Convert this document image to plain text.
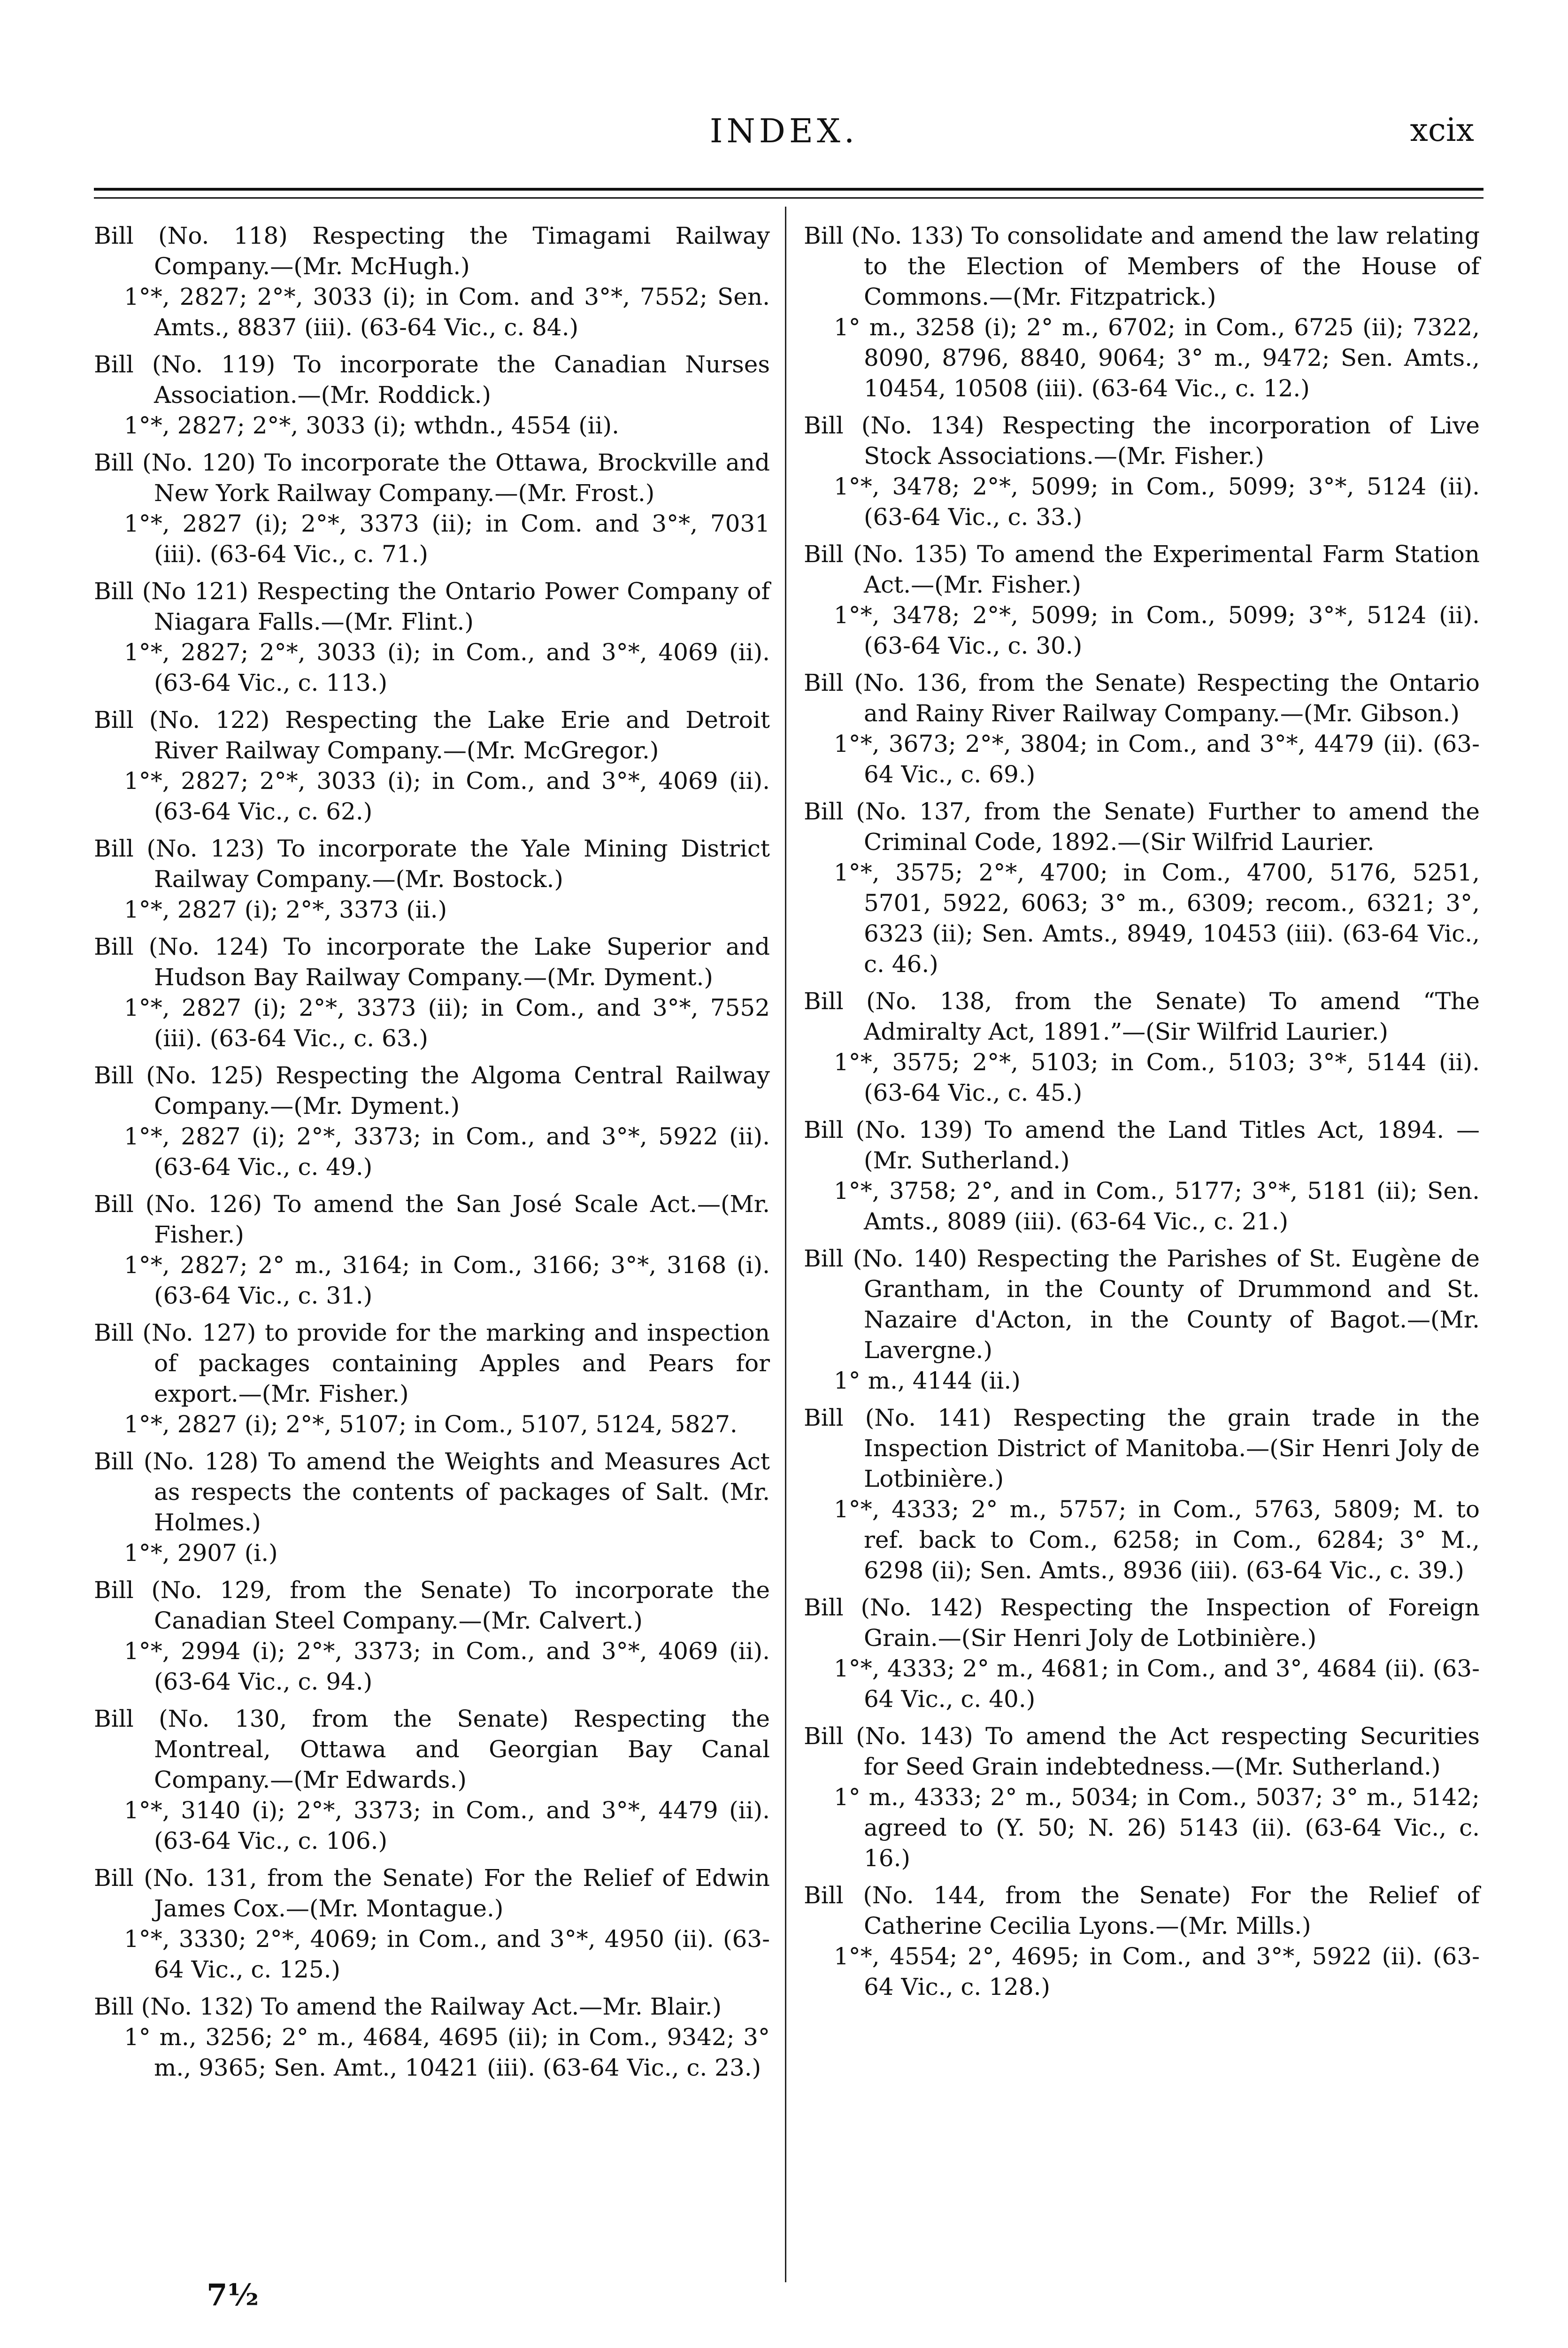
INDEX.	xcix
Bill (No. 118) Respecting the Timagami Railway Company.—(Mr. McHugh.)
1°*, 2827; 2°*, 3033 (i); in Com. and 3°*, 7552; Sen. Amts., 8837 (iii). (63-64 Vic., c. 84.)
Bill (No. 119) To incorporate the Canadian Nurses Association.—(Mr. Roddick.)
1°*, 2827; 2°*, 3033 (i); wthdn., 4554 (ii).
Bill (No. 120) To incorporate the Ottawa, Brockville and New York Railway Company.—(Mr. Frost.)
1°*, 2827 (i); 2°*, 3373 (ii); in Com. and 3°*, 7031 (iii). (63-64 Vic., c. 71.)
Bill (No 121) Respecting the Ontario Power Company of Niagara Falls.—(Mr. Flint.)
1°*, 2827; 2°*, 3033 (i); in Com., and 3°*, 4069 (ii). (63-64 Vic., c. 113.)
Bill (No. 122) Respecting the Lake Erie and Detroit River Railway Company.—(Mr. McGregor.)
1°*, 2827; 2°*, 3033 (i); in Com., and 3°*, 4069 (ii). (63-64 Vic., c. 62.)
Bill (No. 123) To incorporate the Yale Mining District Railway Company.—(Mr. Bostock.)
1°*, 2827 (i); 2°*, 3373 (ii.)
Bill (No. 124) To incorporate the Lake Superior and Hudson Bay Railway Company.—(Mr. Dyment.)
1°*, 2827 (i); 2°*, 3373 (ii); in Com., and 3°*, 7552 (iii). (63-64 Vic., c. 63.)
Bill (No. 125) Respecting the Algoma Central Railway Company.—(Mr. Dyment.)
1°*, 2827 (i); 2°*, 3373; in Com., and 3°*, 5922 (ii). (63-64 Vic., c. 49.)
Bill (No. 126) To amend the San José Scale Act.—(Mr. Fisher.)
1°*, 2827; 2° m., 3164; in Com., 3166; 3°*, 3168 (i). (63-64 Vic., c. 31.)
Bill (No. 127) to provide for the marking and inspection of packages containing Apples and Pears for export.—(Mr. Fisher.)
1°*, 2827 (i); 2°*, 5107; in Com., 5107, 5124, 5827.
Bill (No. 128) To amend the Weights and Measures Act as respects the contents of packages of Salt. (Mr. Holmes.)
1°*, 2907 (i.)
Bill (No. 129, from the Senate) To incorporate the Canadian Steel Company.—(Mr. Calvert.)
1°*, 2994 (i); 2°*, 3373; in Com., and 3°*, 4069 (ii). (63-64 Vic., c. 94.)
Bill (No. 130, from the Senate) Respecting the Montreal, Ottawa and Georgian Bay Canal Company.—(Mr Edwards.)
1°*, 3140 (i); 2°*, 3373; in Com., and 3°*, 4479 (ii). (63-64 Vic., c. 106.)
Bill (No. 131, from the Senate) For the Relief of Edwin James Cox.—(Mr. Montague.)
1°*, 3330; 2°*, 4069; in Com., and 3°*, 4950 (ii). (63-64 Vic., c. 125.)
Bill (No. 132) To amend the Railway Act.—Mr. Blair.)
1° m., 3256; 2° m., 4684, 4695 (ii); in Com., 9342; 3° m., 9365; Sen. Amt., 10421 (iii). (63-64 Vic., c. 23.)
Bill (No. 133) To consolidate and amend the law relating to the Election of Members of the House of Commons.—(Mr. Fitzpatrick.)
1° m., 3258 (i); 2° m., 6702; in Com., 6725 (ii); 7322, 8090, 8796, 8840, 9064; 3° m., 9472; Sen. Amts., 10454, 10508 (iii). (63-64 Vic., c. 12.)
Bill (No. 134) Respecting the incorporation of Live Stock Associations.—(Mr. Fisher.)
1°*, 3478; 2°*, 5099; in Com., 5099; 3°*, 5124 (ii). (63-64 Vic., c. 33.)
Bill (No. 135) To amend the Experimental Farm Station Act.—(Mr. Fisher.)
1°*, 3478; 2°*, 5099; in Com., 5099; 3°*, 5124 (ii). (63-64 Vic., c. 30.)
Bill (No. 136, from the Senate) Respecting the Ontario and Rainy River Railway Company.—(Mr. Gibson.)
1°*, 3673; 2°*, 3804; in Com., and 3°*, 4479 (ii). (63-64 Vic., c. 69.)
Bill (No. 137, from the Senate) Further to amend the Criminal Code, 1892.—(Sir Wilfrid Laurier.
1°*, 3575; 2°*, 4700; in Com., 4700, 5176, 5251, 5701, 5922, 6063; 3° m., 6309; recom., 6321; 3°, 6323 (ii); Sen. Amts., 8949, 10453 (iii). (63-64 Vic., c. 46.)
Bill (No. 138, from the Senate) To amend “The Admiralty Act, 1891.”—(Sir Wilfrid Laurier.)
1°*, 3575; 2°*, 5103; in Com., 5103; 3°*, 5144 (ii). (63-64 Vic., c. 45.)
Bill (No. 139) To amend the Land Titles Act, 1894. —(Mr. Sutherland.)
1°*, 3758; 2°, and in Com., 5177; 3°*, 5181 (ii); Sen. Amts., 8089 (iii). (63-64 Vic., c. 21.)
Bill (No. 140) Respecting the Parishes of St. Eugène de Grantham, in the County of Drummond and St. Nazaire d'Acton, in the County of Bagot.—(Mr. Lavergne.)
1° m., 4144 (ii.)
Bill (No. 141) Respecting the grain trade in the Inspection District of Manitoba.—(Sir Henri Joly de Lotbinière.)
1°*, 4333; 2° m., 5757; in Com., 5763, 5809; M. to ref. back to Com., 6258; in Com., 6284; 3° M., 6298 (ii); Sen. Amts., 8936 (iii). (63-64 Vic., c. 39.)
Bill (No. 142) Respecting the Inspection of Foreign Grain.—(Sir Henri Joly de Lotbinière.)
1°*, 4333; 2° m., 4681; in Com., and 3°, 4684 (ii). (63-64 Vic., c. 40.)
Bill (No. 143) To amend the Act respecting Securities for Seed Grain indebtedness.—(Mr. Sutherland.)
1° m., 4333; 2° m., 5034; in Com., 5037; 3° m., 5142; agreed to (Y. 50; N. 26) 5143 (ii). (63-64 Vic., c. 16.)
Bill (No. 144, from the Senate) For the Relief of Catherine Cecilia Lyons.—(Mr. Mills.)
1°*, 4554; 2°, 4695; in Com., and 3°*, 5922 (ii). (63-64 Vic., c. 128.)
7½
